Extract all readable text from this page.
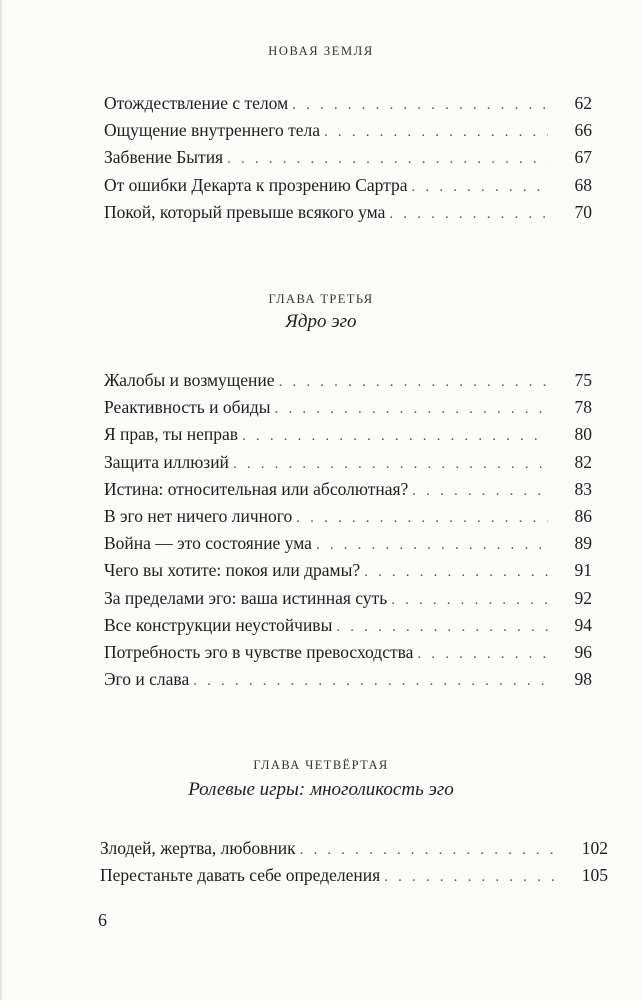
НОВАЯ ЗЕМЛЯ
Отождествление с телом . . .	62
Ощущение внутреннего тела . . .	66
Забвение Бытия . . .	67
От ошибки Декарта к прозрению Сартра . . .	68
Покой, который превыше всякого ума . . .	70
ГЛАВА ТРЕТЬЯ
Ядро эго
Жалобы и возмущение . . .	75
Реактивность и обиды . . .	78
Я прав, ты неправ . . .	80
Защита иллюзий . . .	82
Истина: относительная или абсолютная? . . .	83
В эго нет ничего личного . . .	86
Война — это состояние ума . . .	89
Чего вы хотите: покоя или драмы? . . .	91
За пределами эго: ваша истинная суть . . .	92
Все конструкции неустойчивы . . .	94
Потребность эго в чувстве превосходства . . .	96
Эго и слава . . .	98
ГЛАВА ЧЕТВЁРТАЯ
Ролевые игры: многоликость эго
Злодей, жертва, любовник . . .	102
Перестаньте давать себе определения . . .	105
6
